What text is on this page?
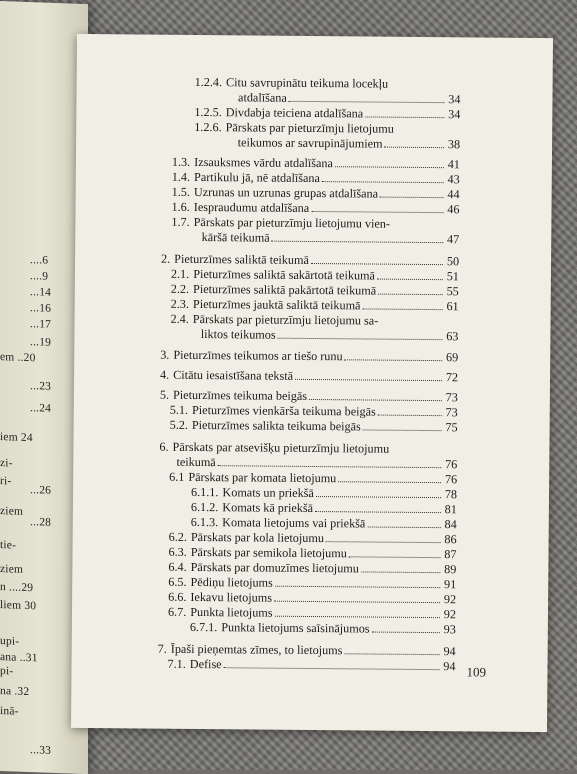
....6
....9
...14
...16
...17
...19
em ..20
...23
...24
iem 24
zi-
ri-
...26
ziem
...28
tie-
ziem
n ....29
liem 30
upi-
ana ..31
pi-
na .32
inā-
...33
1.2.4. Citu savrupinātu teikuma locekļu
atdalīšana	34
1.2.5. Divdabja teiciena atdalīšana	34
1.2.6. Pārskats par pieturzīmju lietojumu
teikumos ar savrupinājumiem	38
1.3. Izsauksmes vārdu atdalīšana	41
1.4. Partikulu jā, nē atdalīšana	43
1.5. Uzrunas un uzrunas grupas atdalīšana	44
1.6. Iespraudumu atdalīšana	46
1.7. Pārskats par pieturzīmju lietojumu vien-
kāršā teikumā	47
2. Pieturzīmes saliktā teikumā	50
2.1. Pieturzīmes saliktā sakārtotā teikumā	51
2.2. Pieturzīmes saliktā pakārtotā teikumā	55
2.3. Pieturzīmes jauktā saliktā teikumā	61
2.4. Pārskats par pieturzīmju lietojumu sa-
liktos teikumos	63
3. Pieturzīmes teikumos ar tiešo runu	69
4. Citātu iesaistīšana tekstā	72
5. Pieturzīmes teikuma beigās	73
5.1. Pieturzīmes vienkārša teikuma beigās	73
5.2. Pieturzīmes salikta teikuma beigās	75
6. Pārskats par atsevišķu pieturzīmju lietojumu
teikumā	76
6.1 Pārskats par komata lietojumu	76
6.1.1. Komats un priekšā	78
6.1.2. Komats kā priekšā	81
6.1.3. Komata lietojums vai priekšā	84
6.2. Pārskats par kola lietojumu	86
6.3. Pārskats par semikola lietojumu	87
6.4. Pārskats par domuzīmes lietojumu	89
6.5. Pēdiņu lietojums	91
6.6. Iekavu lietojums	92
6.7. Punkta lietojums	92
6.7.1. Punkta lietojums saīsinājumos	93
7. Īpaši pieņemtas zīmes, to lietojums	94
7.1. Defise	94 109
